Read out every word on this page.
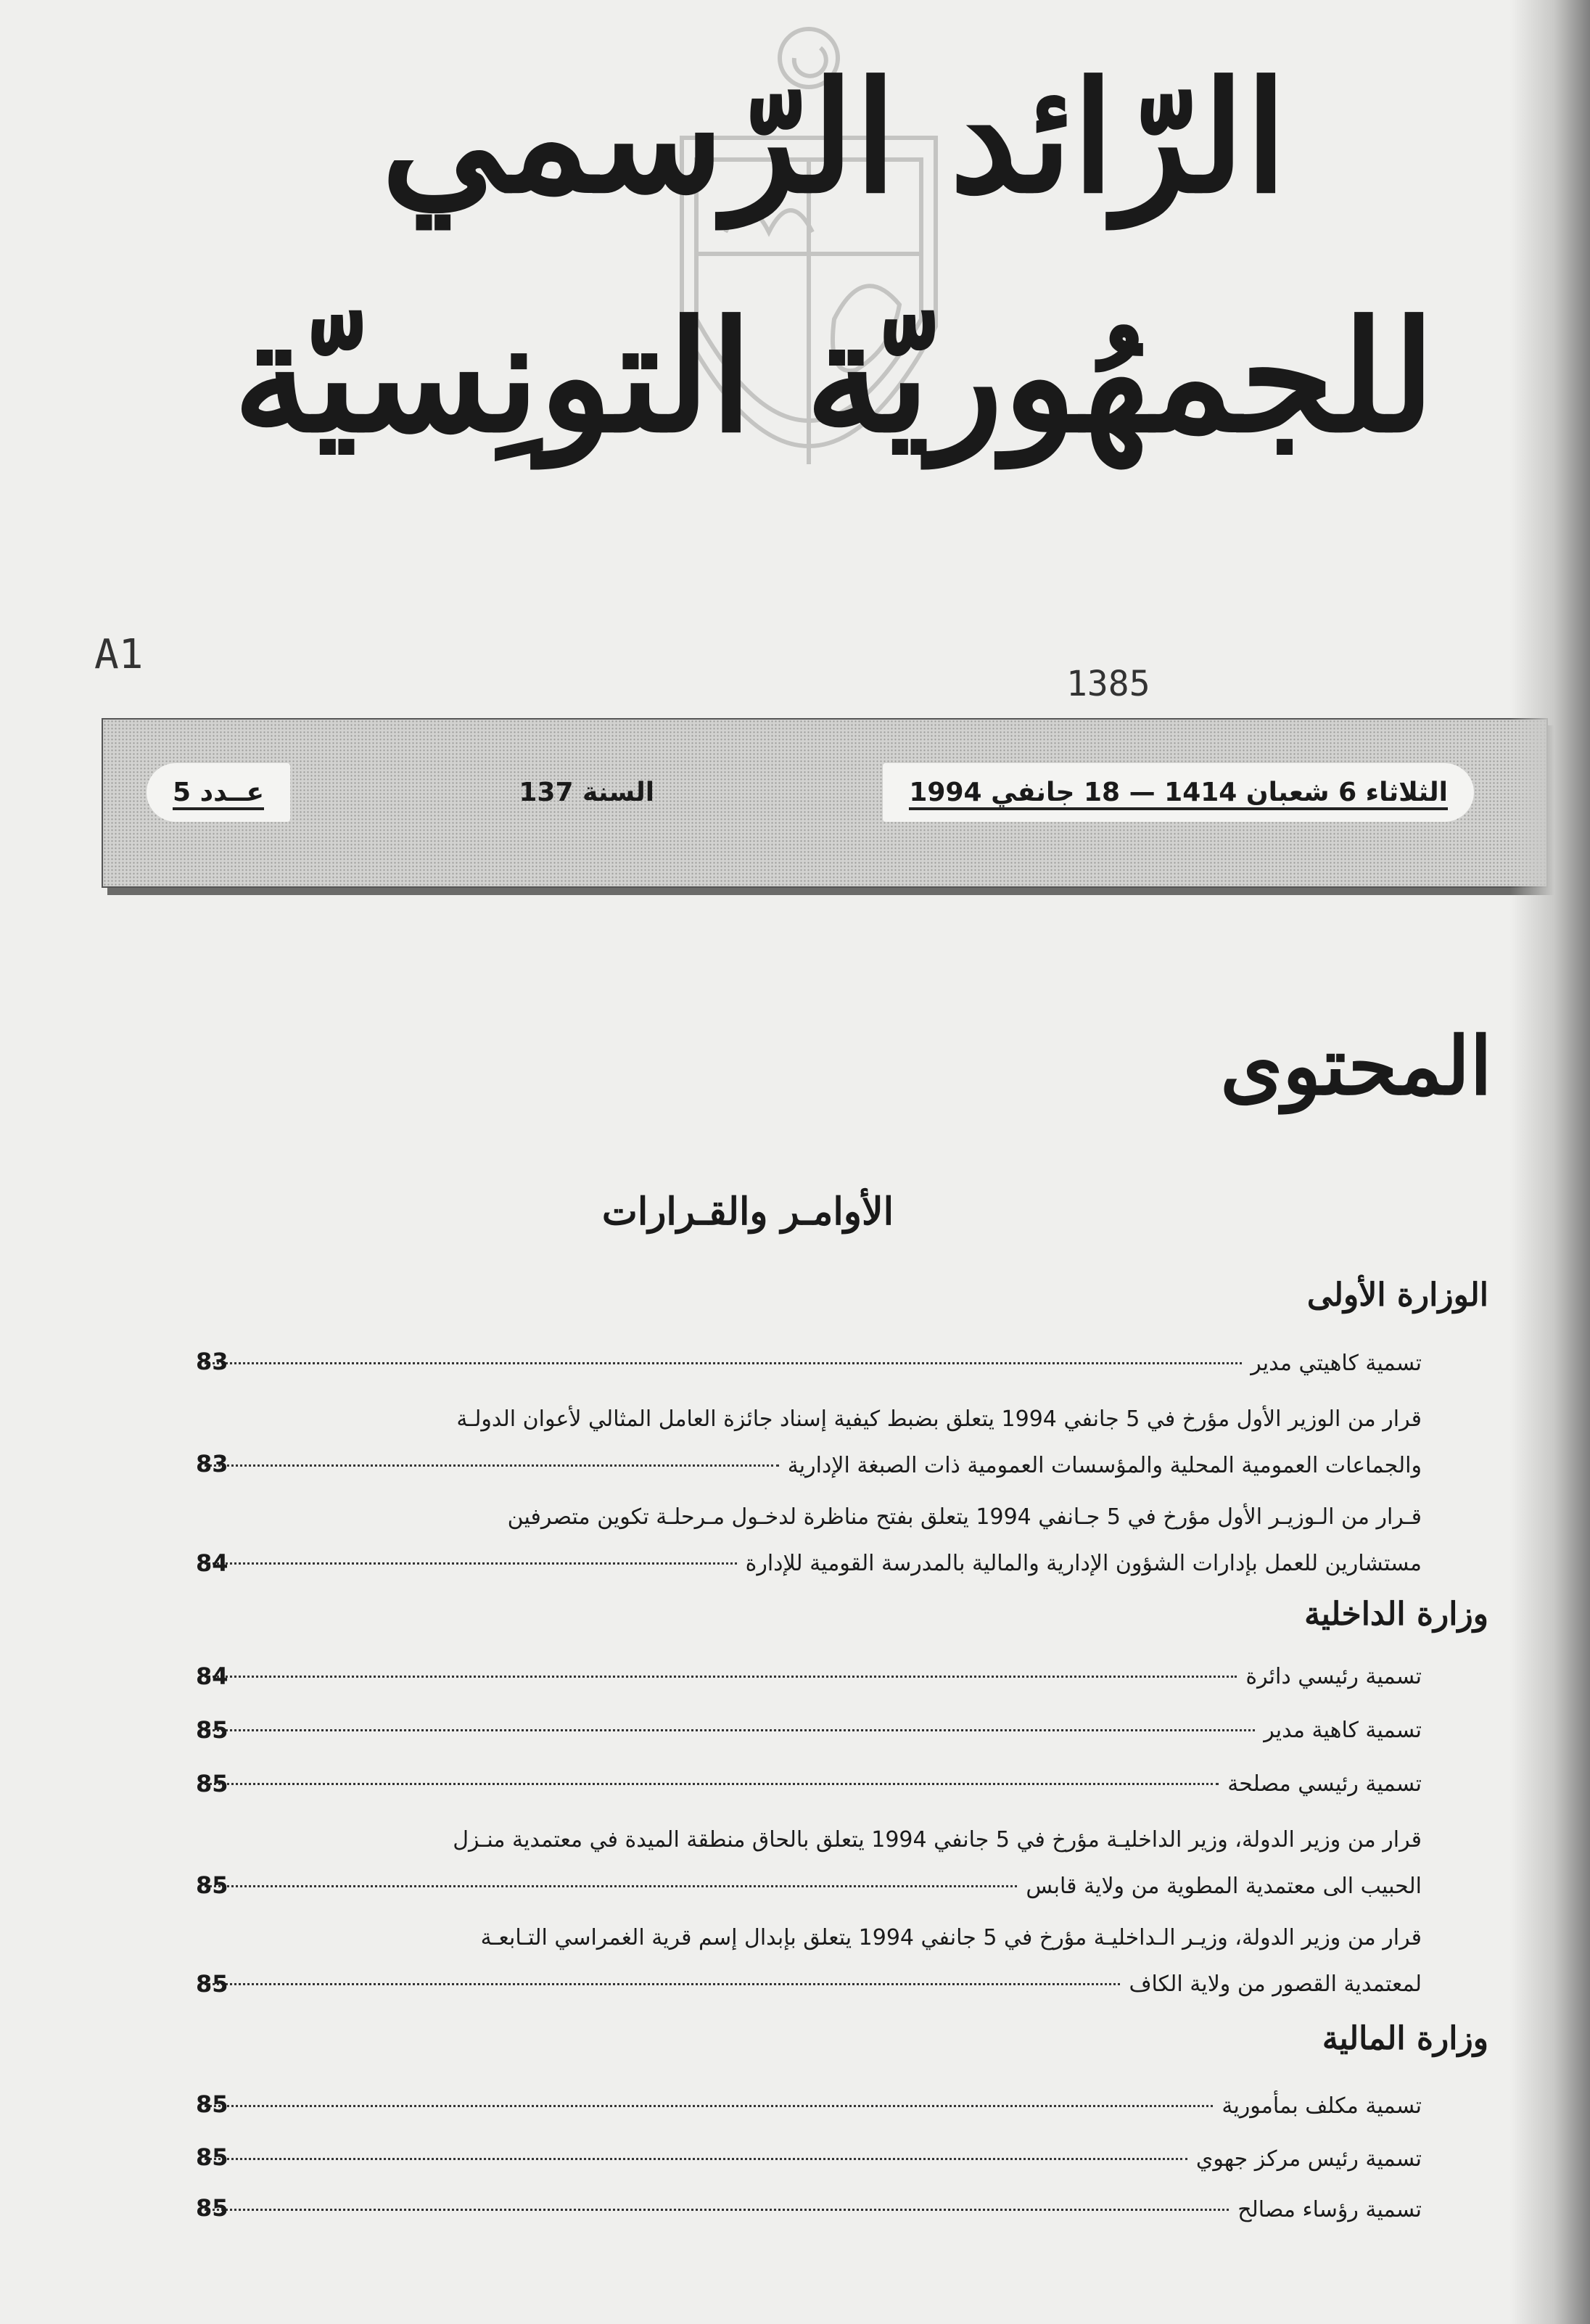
الرّائد الرّسمي
للجمهُوريّة التونِسيّة
A1
1385
الثلاثاء 6 شعبان 1414 — 18 جانفي 1994
السنة 137
عــدد 5
المحتوى
الأوامـر والقـرارات
الوزارة الأولى
تسمية كاهيتي مدير
83
قرار من الوزير الأول مؤرخ في 5 جانفي 1994 يتعلق بضبط كيفية إسناد جائزة العامل المثالي لأعوان الدولـة
والجماعات العمومية المحلية والمؤسسات العمومية ذات الصبغة الإدارية
83
قـرار من الـوزيـر الأول مؤرخ في 5 جـانفي 1994 يتعلق بفتح مناظرة لدخـول مـرحلـة تكوين متصرفين
مستشارين للعمل بإدارات الشؤون الإدارية والمالية بالمدرسة القومية للإدارة
84
وزارة الداخلية
تسمية رئيسي دائرة
84
تسمية كاهية مدير
85
تسمية رئيسي مصلحة
85
قرار من وزير الدولة، وزير الداخليـة مؤرخ في 5 جانفي 1994 يتعلق بالحاق منطقة الميدة في معتمدية منـزل
الحبيب الى معتمدية المطوية من ولاية قابس
85
قرار من وزير الدولة، وزيـر الـداخليـة مؤرخ في 5 جانفي 1994 يتعلق بإبدال إسم قرية الغمراسي التـابعـة
لمعتمدية القصور من ولاية الكاف
85
وزارة المالية
تسمية مكلف بمأمورية
85
تسمية رئيس مركز جهوي
85
تسمية رؤساء مصالح
85
